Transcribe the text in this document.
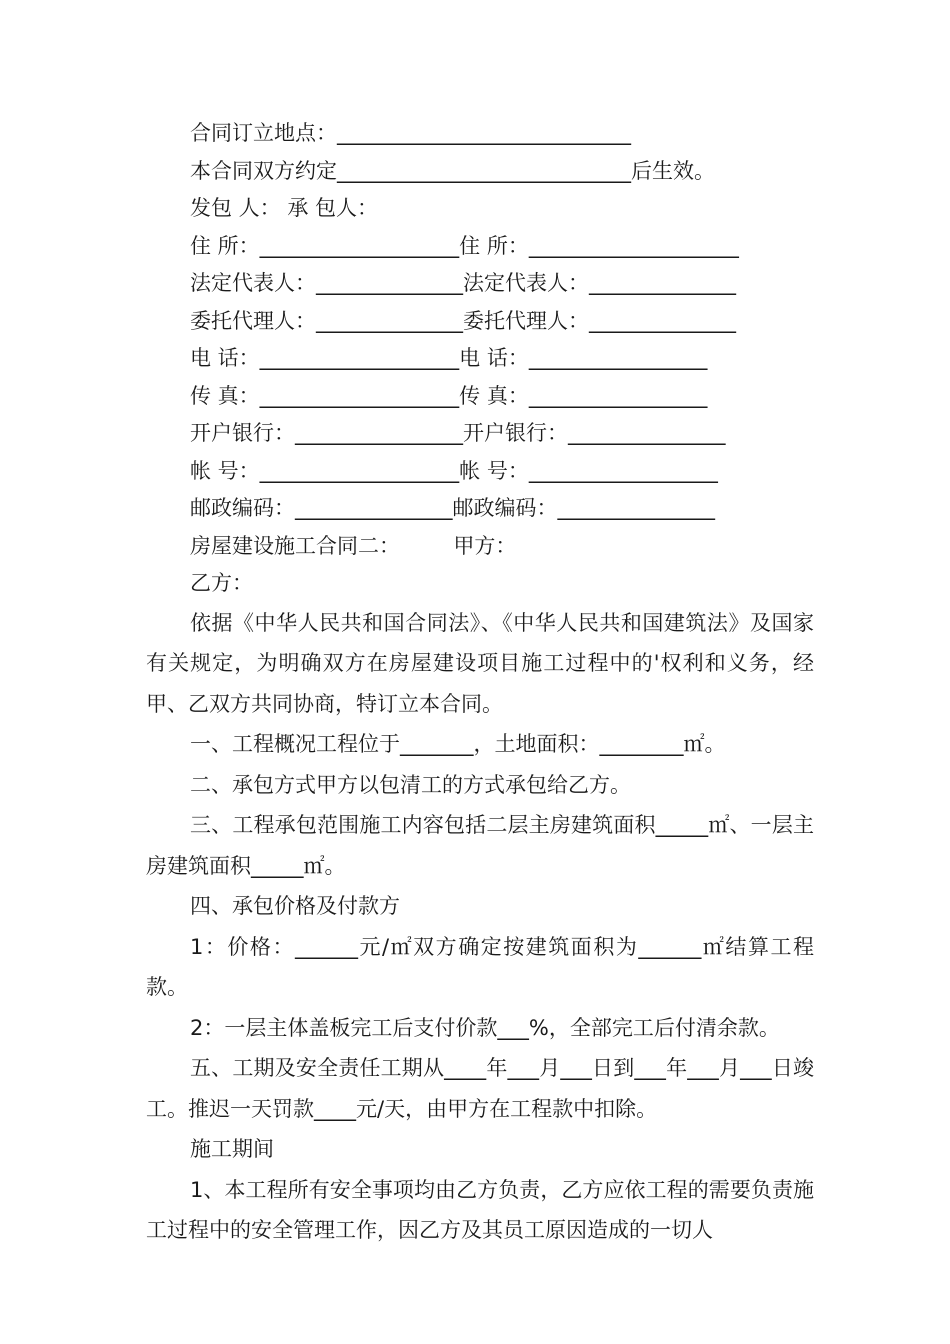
合同订立地点：____________________________

本合同双方约定____________________________后生效。

发包 人： 承 包人：

住 所：___________________住 所：____________________

法定代表人：______________法定代表人：______________

委托代理人：______________委托代理人：______________

电 话：___________________电 话：_________________

传 真：___________________传 真：_________________

开户银行：________________开户银行：_______________

帐 号：___________________帐 号：__________________

邮政编码：_______________邮政编码：_______________

房屋建设施工合同二：        甲方：

乙方：

依据《中华人民共和国合同法》、《中华人民共和国建筑法》及国家有关规定，为明确双方在房屋建设项目施工过程中的'权利和义务，经甲、乙双方共同协商，特订立本合同。

一、工程概况工程位于_______，土地面积：________㎡。

二、承包方式甲方以包清工的方式承包给乙方。

三、工程承包范围施工内容包括二层主房建筑面积_____㎡、一层主房建筑面积_____㎡。

四、承包价格及付款方

1：价格：______元/㎡双方确定按建筑面积为______㎡结算工程款。

2：一层主体盖板完工后支付价款___%，全部完工后付清余款。

五、工期及安全责任工期从____年___月___日到___年___月___日竣工。推迟一天罚款____元/天，由甲方在工程款中扣除。

施工期间

1、本工程所有安全事项均由乙方负责，乙方应依工程的需要负责施工过程中的安全管理工作，因乙方及其员工原因造成的一切人
